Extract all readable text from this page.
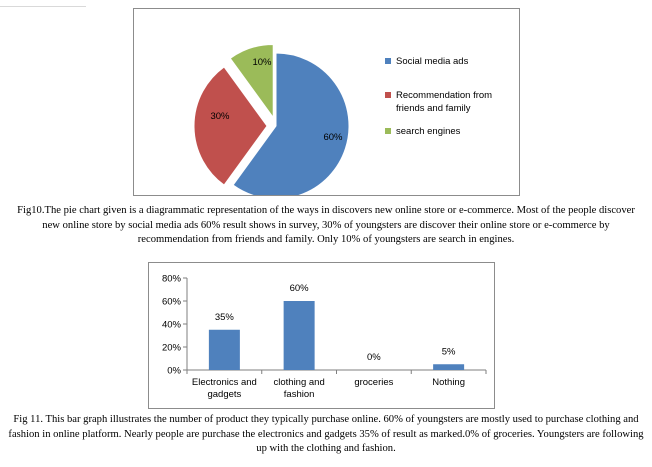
60%
30%
10%	Social media ads
Recommendation from
friends and family
search engines
Fig10.The pie chart given is a diagrammatic representation of the ways in discovers new online store or e-commerce. Most of the people discover new online store by social media ads 60% result shows in survey, 30% of youngsters are discover their online store or e-commerce by recommendation from friends and family. Only 10% of youngsters are search in engines.
0%
20%
40%
60%
80%
35%
Electronics and
gadgets
60%
clothing and
fashion
0%
groceries
5%
Nothing
Fig 11. This bar graph illustrates the number of product they typically purchase online. 60% of youngsters are mostly used to purchase clothing and fashion in online platform. Nearly people are purchase the electronics and gadgets 35% of result as marked.0% of groceries. Youngsters are following up with the clothing and fashion.
